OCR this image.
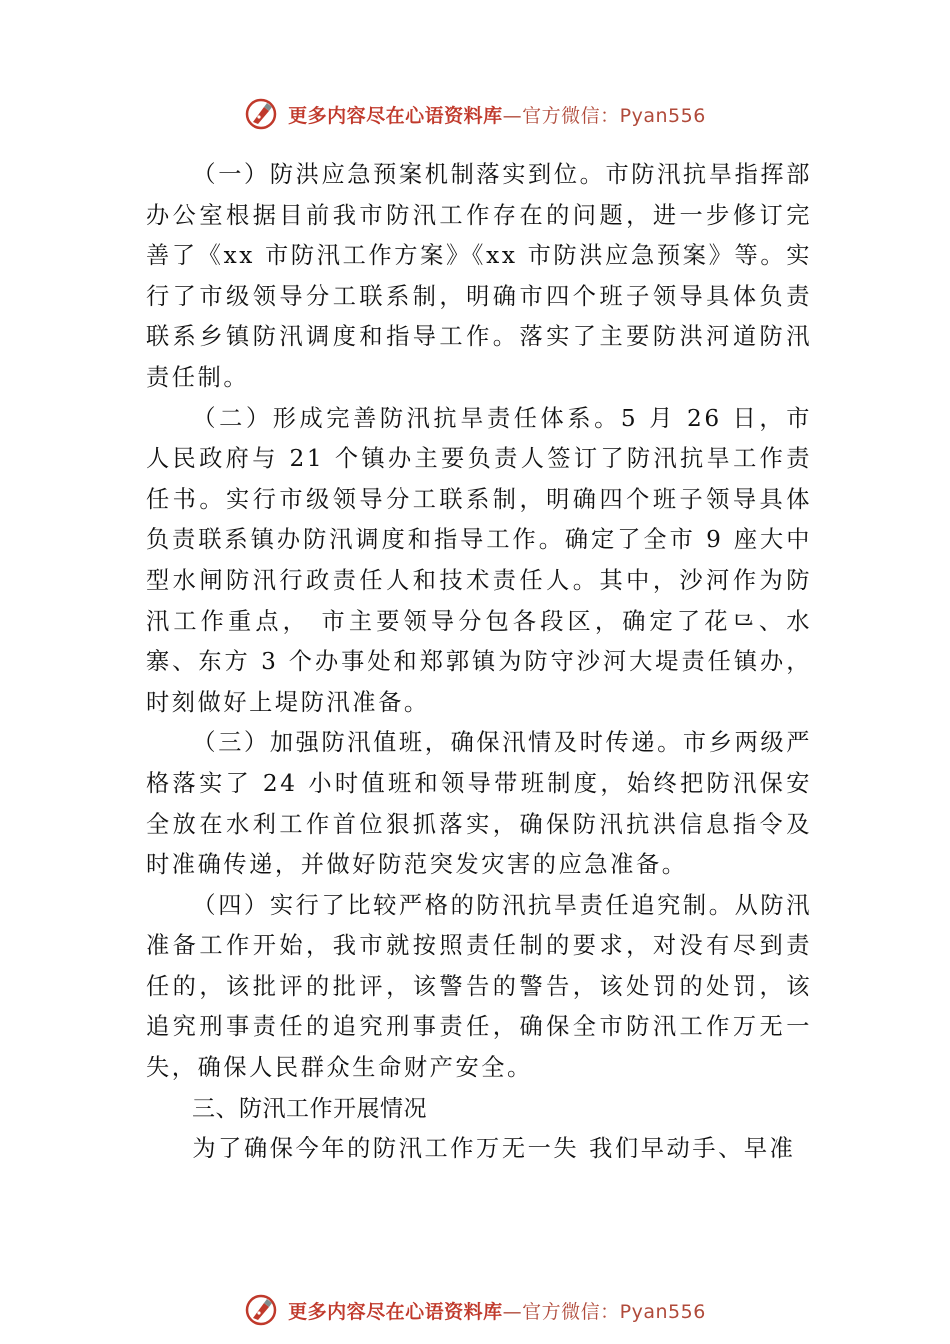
更多内容尽在心语资料库—官方微信：Pyan556

（一）防洪应急预案机制落实到位。市防汛抗旱指挥部办公室根据目前我市防汛工作存在的问题，进一步修订完善了《xx 市防汛工作方案》《xx 市防洪应急预案》等。实行了市级领导分工联系制，明确市四个班子领导具体负责联系乡镇防汛调度和指导工作。落实了主要防洪河道防汛责任制。

（二）形成完善防汛抗旱责任体系。5 月 26 日，市人民政府与 21 个镇办主要负责人签订了防汛抗旱工作责任书。实行市级领导分工联系制，明确四个班子领导具体负责联系镇办防汛调度和指导工作。确定了全市 9 座大中型水闸防汛行政责任人和技术责任人。其中，沙河作为防汛工作重点， 市主要领导分包各段区，确定了花⺋、水寨、东方 3 个办事处和郑郭镇为防守沙河大堤责任镇办，时刻做好上堤防汛准备。

（三）加强防汛值班，确保汛情及时传递。市乡两级严格落实了 24 小时值班和领导带班制度，始终把防汛保安全放在水利工作首位狠抓落实，确保防汛抗洪信息指令及时准确传递，并做好防范突发灾害的应急准备。

（四）实行了比较严格的防汛抗旱责任追究制。从防汛准备工作开始，我市就按照责任制的要求，对没有尽到责任的，该批评的批评，该警告的警告，该处罚的处罚，该追究刑事责任的追究刑事责任，确保全市防汛工作万无一失，确保人民群众生命财产安全。

三、防汛工作开展情况

为了确保今年的防汛工作万无一失 我们早动手、早准

更多内容尽在心语资料库—官方微信：Pyan556
